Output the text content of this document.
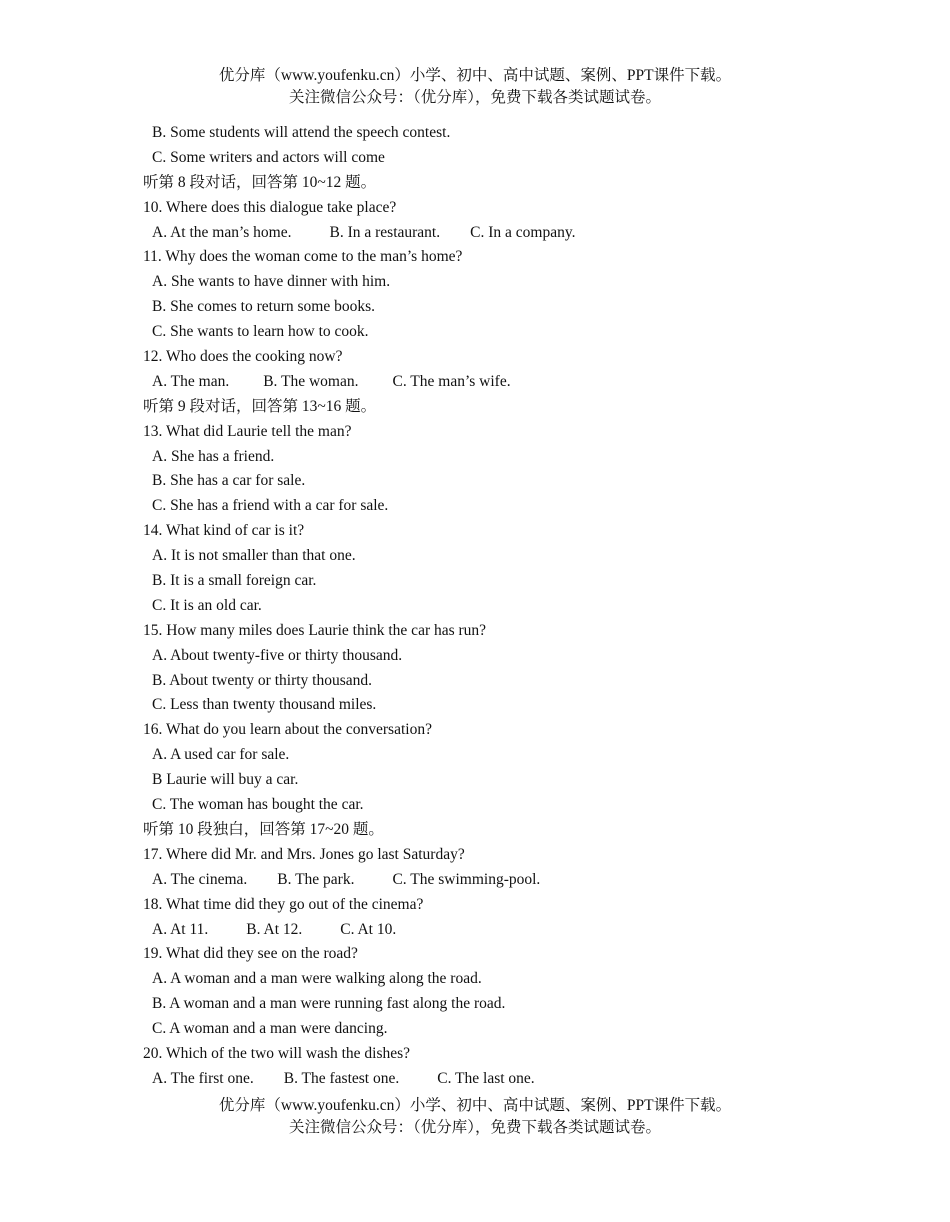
优分库（www.youfenku.cn）小学、初中、高中试题、案例、PPT课件下载。
关注微信公众号：（优分库），免费下载各类试题试卷。
B. Some students will attend the speech contest.
C. Some writers and actors will come
听第 8 段对话，回答第 10~12 题。
10. Where does this dialogue take place?
A. At the man’s home. B. In a restaurant. C. In a company.
11. Why does the woman come to the man’s home?
A. She wants to have dinner with him.
B. She comes to return some books.
C. She wants to learn how to cook.
12. Who does the cooking now?
A. The man. B. The woman. C. The man’s wife.
听第 9 段对话，回答第 13~16 题。
13. What did Laurie tell the man?
A. She has a friend.
B. She has a car for sale.
C. She has a friend with a car for sale.
14. What kind of car is it?
A. It is not smaller than that one.
B. It is a small foreign car.
C. It is an old car.
15. How many miles does Laurie think the car has run?
A. About twenty-five or thirty thousand.
B. About twenty or thirty thousand.
C. Less than twenty thousand miles.
16. What do you learn about the conversation?
A. A used car for sale.
B Laurie will buy a car.
C. The woman has bought the car.
听第 10 段独白，回答第 17~20 题。
17. Where did Mr. and Mrs. Jones go last Saturday?
A. The cinema. B. The park. C. The swimming-pool.
18. What time did they go out of the cinema?
A. At 11. B. At 12. C. At 10.
19. What did they see on the road?
A. A woman and a man were walking along the road.
B. A woman and a man were running fast along the road.
C. A woman and a man were dancing.
20. Which of the two will wash the dishes?
A. The first one. B. The fastest one. C. The last one.
优分库（www.youfenku.cn）小学、初中、高中试题、案例、PPT课件下载。
关注微信公众号：（优分库），免费下载各类试题试卷。
